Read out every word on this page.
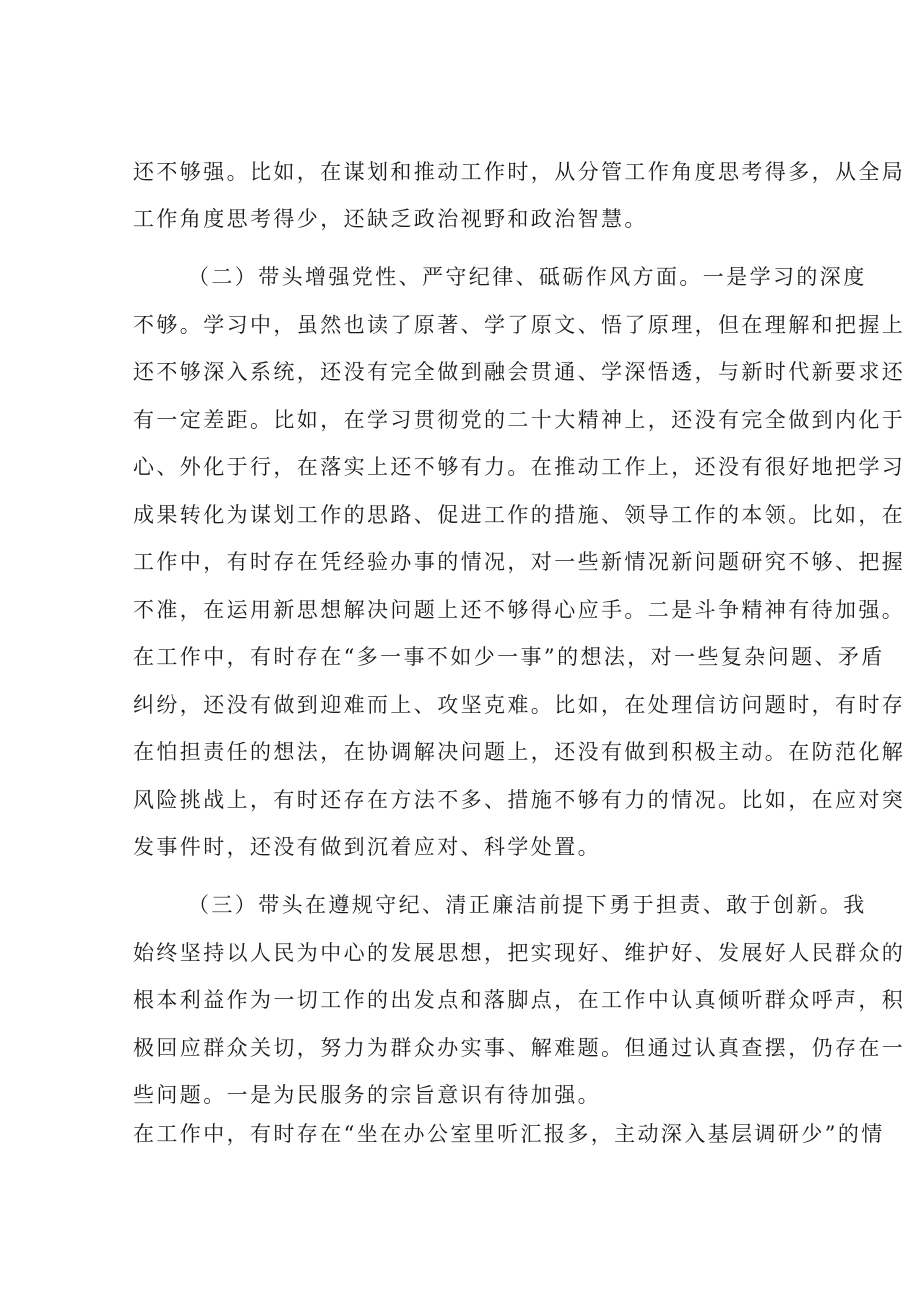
还不够强。比如，在谋划和推动工作时，从分管工作角度思考得多，从全局
工作角度思考得少，还缺乏政治视野和政治智慧。
（二）带头增强党性、严守纪律、砥砺作风方面。一是学习的深度
不够。学习中，虽然也读了原著、学了原文、悟了原理，但在理解和把握上
还不够深入系统，还没有完全做到融会贯通、学深悟透，与新时代新要求还
有一定差距。比如，在学习贯彻党的二十大精神上，还没有完全做到内化于
心、外化于行，在落实上还不够有力。在推动工作上，还没有很好地把学习
成果转化为谋划工作的思路、促进工作的措施、领导工作的本领。比如，在
工作中，有时存在凭经验办事的情况，对一些新情况新问题研究不够、把握
不准，在运用新思想解决问题上还不够得心应手。二是斗争精神有待加强。
在工作中，有时存在“多一事不如少一事”的想法，对一些复杂问题、矛盾
纠纷，还没有做到迎难而上、攻坚克难。比如，在处理信访问题时，有时存
在怕担责任的想法，在协调解决问题上，还没有做到积极主动。在防范化解
风险挑战上，有时还存在方法不多、措施不够有力的情况。比如，在应对突
发事件时，还没有做到沉着应对、科学处置。
（三）带头在遵规守纪、清正廉洁前提下勇于担责、敢于创新。我
始终坚持以人民为中心的发展思想，把实现好、维护好、发展好人民群众的
根本利益作为一切工作的出发点和落脚点，在工作中认真倾听群众呼声，积
极回应群众关切，努力为群众办实事、解难题。但通过认真查摆，仍存在一
些问题。一是为民服务的宗旨意识有待加强。
在工作中，有时存在“坐在办公室里听汇报多，主动深入基层调研少”的情
